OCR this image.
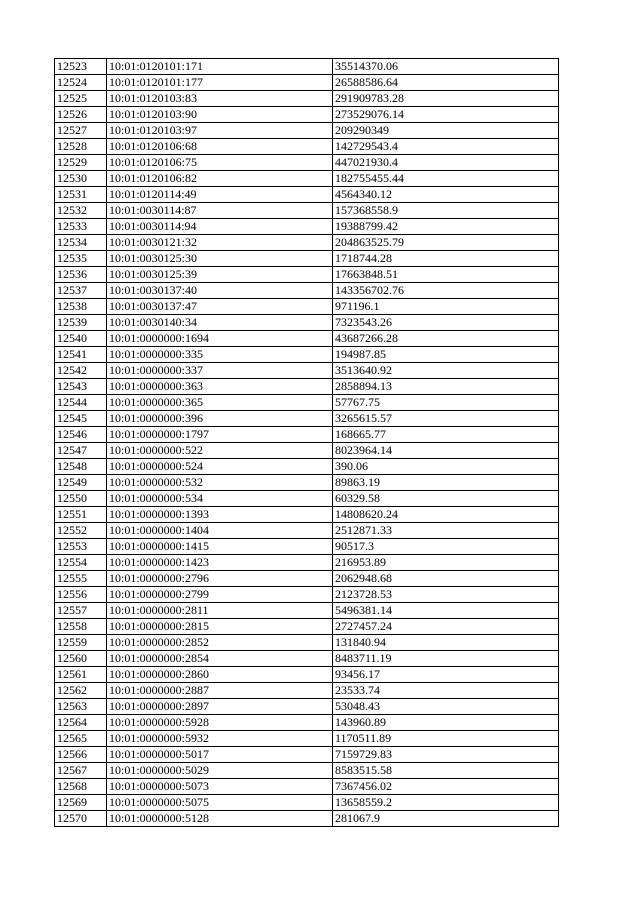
12523	10:01:0120101:171	35514370.06
12524	10:01:0120101:177	26588586.64
12525	10:01:0120103:83	291909783.28
12526	10:01:0120103:90	273529076.14
12527	10:01:0120103:97	209290349
12528	10:01:0120106:68	142729543.4
12529	10:01:0120106:75	447021930.4
12530	10:01:0120106:82	182755455.44
12531	10:01:0120114:49	4564340.12
12532	10:01:0030114:87	157368558.9
12533	10:01:0030114:94	19388799.42
12534	10:01:0030121:32	204863525.79
12535	10:01:0030125:30	1718744.28
12536	10:01:0030125:39	17663848.51
12537	10:01:0030137:40	143356702.76
12538	10:01:0030137:47	971196.1
12539	10:01:0030140:34	7323543.26
12540	10:01:0000000:1694	43687266.28
12541	10:01:0000000:335	194987.85
12542	10:01:0000000:337	3513640.92
12543	10:01:0000000:363	2858894.13
12544	10:01:0000000:365	57767.75
12545	10:01:0000000:396	3265615.57
12546	10:01:0000000:1797	168665.77
12547	10:01:0000000:522	8023964.14
12548	10:01:0000000:524	390.06
12549	10:01:0000000:532	89863.19
12550	10:01:0000000:534	60329.58
12551	10:01:0000000:1393	14808620.24
12552	10:01:0000000:1404	2512871.33
12553	10:01:0000000:1415	90517.3
12554	10:01:0000000:1423	216953.89
12555	10:01:0000000:2796	2062948.68
12556	10:01:0000000:2799	2123728.53
12557	10:01:0000000:2811	5496381.14
12558	10:01:0000000:2815	2727457.24
12559	10:01:0000000:2852	131840.94
12560	10:01:0000000:2854	8483711.19
12561	10:01:0000000:2860	93456.17
12562	10:01:0000000:2887	23533.74
12563	10:01:0000000:2897	53048.43
12564	10:01:0000000:5928	143960.89
12565	10:01:0000000:5932	1170511.89
12566	10:01:0000000:5017	7159729.83
12567	10:01:0000000:5029	8583515.58
12568	10:01:0000000:5073	7367456.02
12569	10:01:0000000:5075	13658559.2
12570	10:01:0000000:5128	281067.9
